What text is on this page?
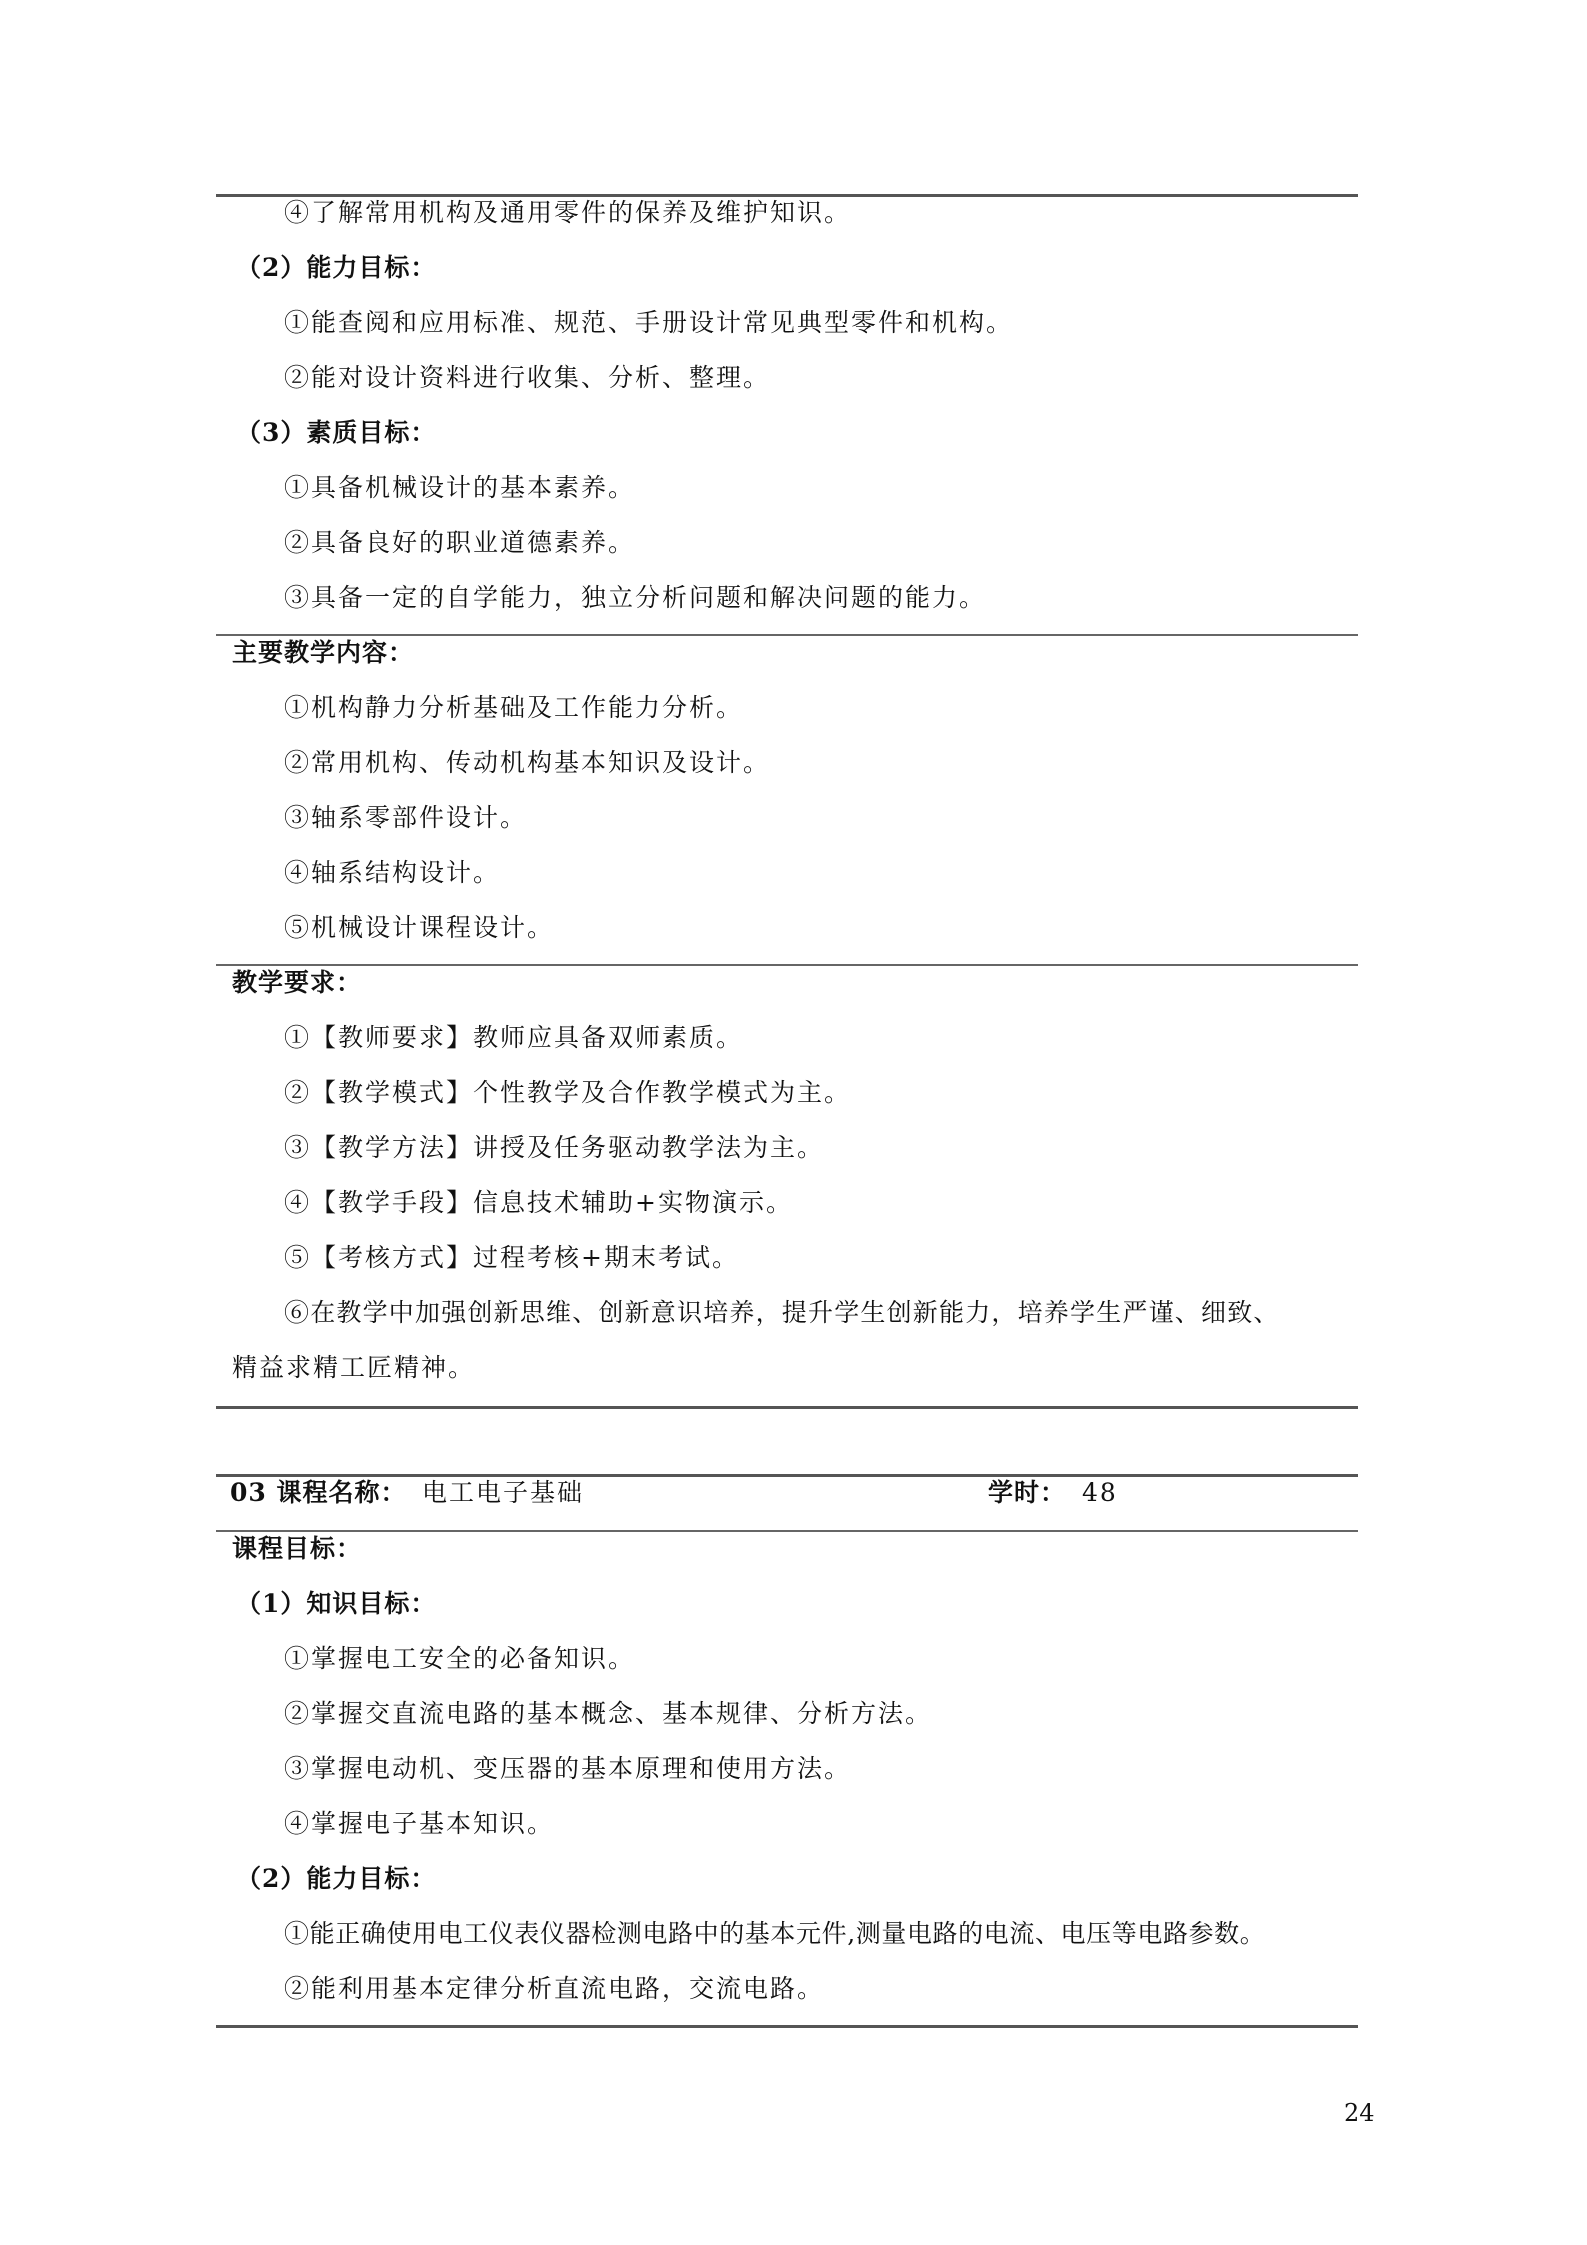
④了解常用机构及通用零件的保养及维护知识。
（2）能力目标：
①能查阅和应用标准、规范、手册设计常见典型零件和机构。
②能对设计资料进行收集、分析、整理。
（3）素质目标：
①具备机械设计的基本素养。
②具备良好的职业道德素养。
③具备一定的自学能力，独立分析问题和解决问题的能力。
主要教学内容：
①机构静力分析基础及工作能力分析。
②常用机构、传动机构基本知识及设计。
③轴系零部件设计。
④轴系结构设计。
⑤机械设计课程设计。
教学要求：
①【教师要求】教师应具备双师素质。
②【教学模式】个性教学及合作教学模式为主。
③【教学方法】讲授及任务驱动教学法为主。
④【教学手段】信息技术辅助+实物演示。
⑤【考核方式】过程考核+期末考试。
⑥在教学中加强创新思维、创新意识培养，提升学生创新能力，培养学生严谨、细致、
精益求精工匠精神。
03 课程名称： 电工电子基础	学时： 48
课程目标：
（1）知识目标：
①掌握电工安全的必备知识。
②掌握交直流电路的基本概念、基本规律、分析方法。
③掌握电动机、变压器的基本原理和使用方法。
④掌握电子基本知识。
（2）能力目标：
①能正确使用电工仪表仪器检测电路中的基本元件,测量电路的电流、电压等电路参数。
②能利用基本定律分析直流电路，交流电路。
24
